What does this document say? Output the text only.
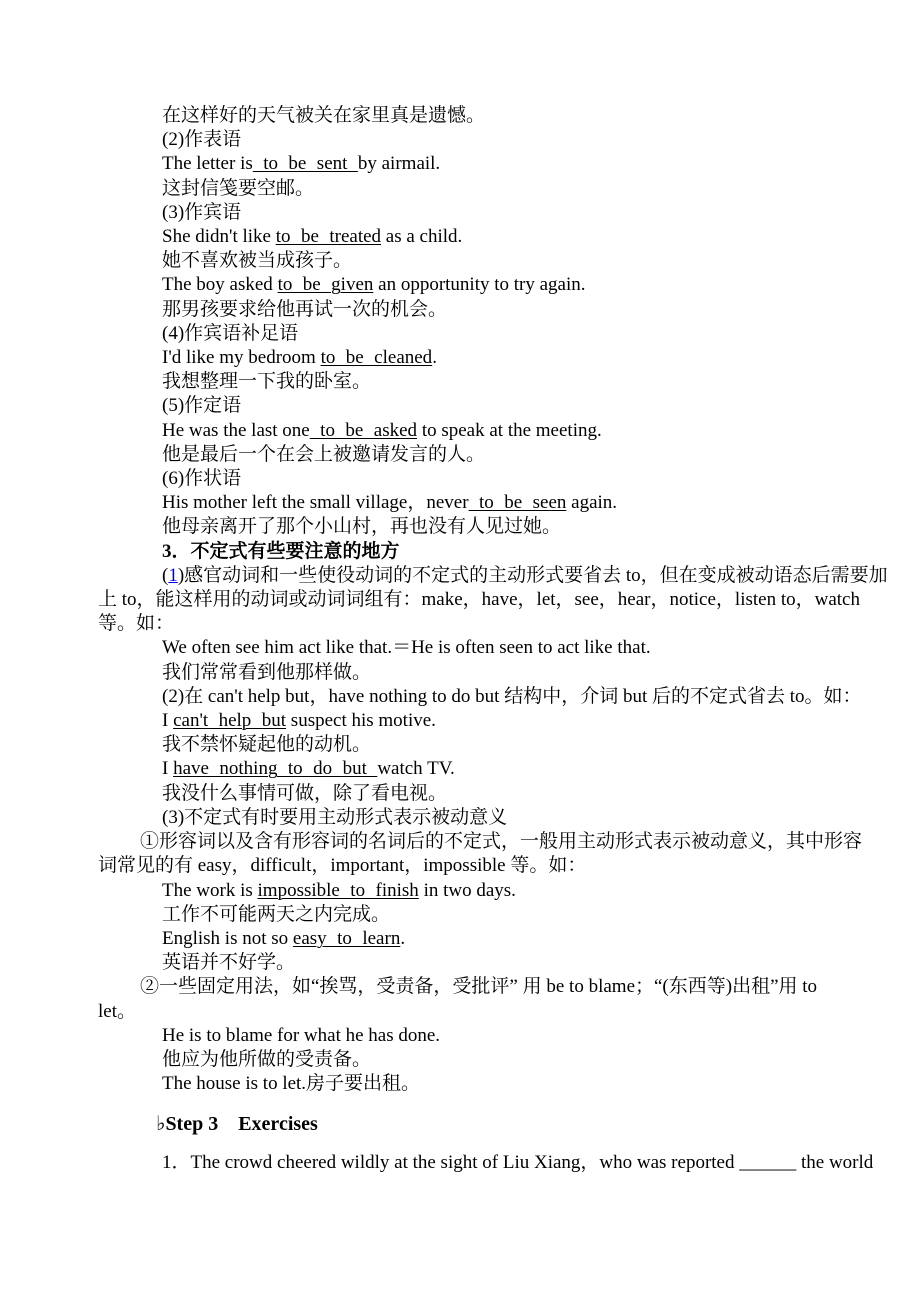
在这样好的天气被关在家里真是遗憾。
(2)作表语
The letter is to be sent by airmail.
这封信笺要空邮。
(3)作宾语
She didn't like to be treated as a child.
她不喜欢被当成孩子。
The boy asked to be given an opportunity to try again.
那男孩要求给他再试一次的机会。
(4)作宾语补足语
I'd like my bedroom to be cleaned.
我想整理一下我的卧室。
(5)作定语
He was the last one to be asked to speak at the meeting.
他是最后一个在会上被邀请发言的人。
(6)作状语
His mother left the small village，never to be seen again.
他母亲离开了那个小山村，再也没有人见过她。
3．不定式有些要注意的地方
(1)感官动词和一些使役动词的不定式的主动形式要省去 to，但在变成被动语态后需要加
上 to，能这样用的动词或动词词组有：make，have，let，see，hear，notice，listen to，watch
等。如：
We often see him act like that.＝He is often seen to act like that.
我们常常看到他那样做。
(2)在 can't help but，have nothing to do but 结构中，介词 but 后的不定式省去 to。如：
I can't help but suspect his motive.
我不禁怀疑起他的动机。
I have nothing to do but watch TV.
我没什么事情可做，除了看电视。
(3)不定式有时要用主动形式表示被动意义
①形容词以及含有形容词的名词后的不定式，一般用主动形式表示被动意义，其中形容
词常见的有 easy，difficult，important，impossible 等。如：
The work is impossible to finish in two days.
工作不可能两天之内完成。
English is not so easy to learn.
英语并不好学。
②一些固定用法，如“挨骂，受责备，受批评” 用 be to blame；“(东西等)出租”用 to
let。
He is to blame for what he has done.
他应为他所做的受责备。
The house is to let.房子要出租。
♭Step 3　Exercises
1．The crowd cheered wildly at the sight of Liu Xiang，who was reported ______ the world
